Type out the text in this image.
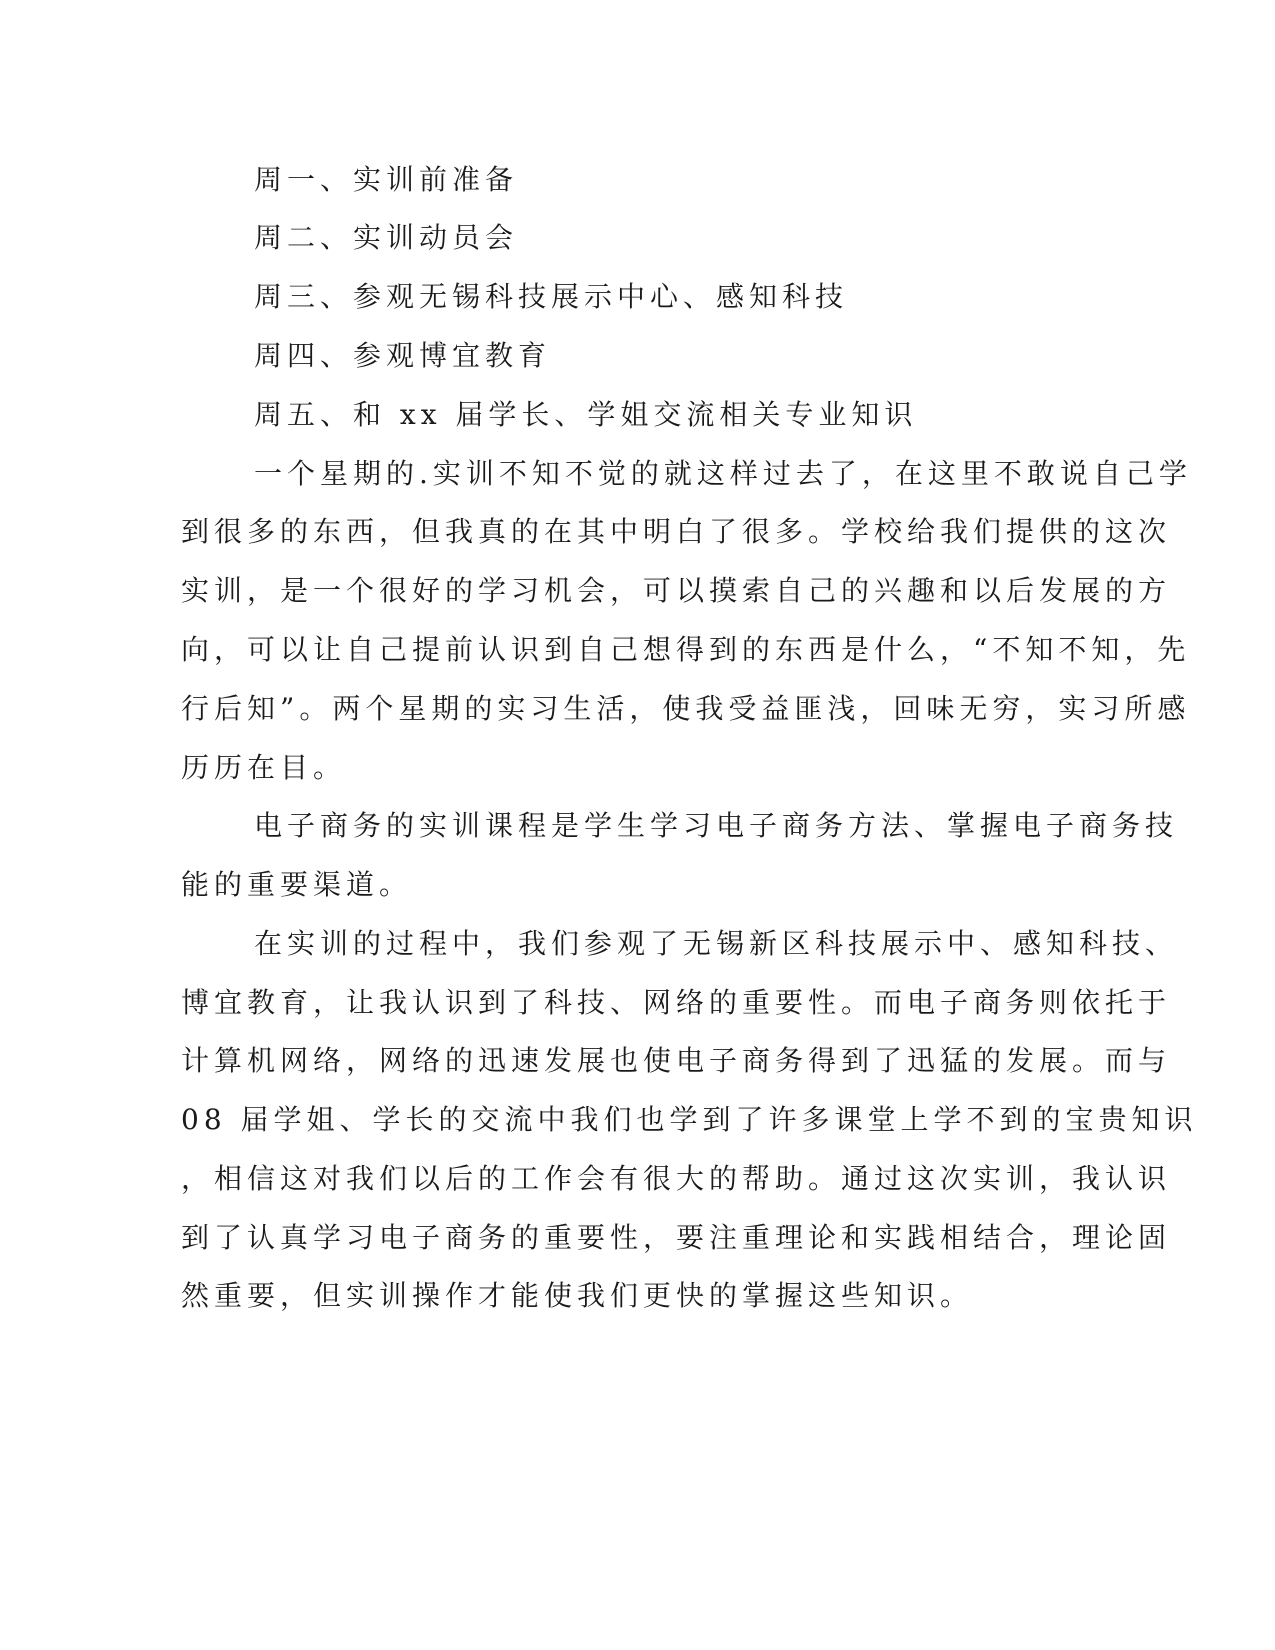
周一、实训前准备
周二、实训动员会
周三、参观无锡科技展示中心、感知科技
周四、参观博宜教育
周五、和 xx 届学长、学姐交流相关专业知识
一个星期的.实训不知不觉的就这样过去了，在这里不敢说自己学
到很多的东西，但我真的在其中明白了很多。学校给我们提供的这次
实训，是一个很好的学习机会，可以摸索自己的兴趣和以后发展的方
向，可以让自己提前认识到自己想得到的东西是什么，“不知不知，先
行后知”。两个星期的实习生活，使我受益匪浅，回味无穷，实习所感
历历在目。
电子商务的实训课程是学生学习电子商务方法、掌握电子商务技
能的重要渠道。
在实训的过程中，我们参观了无锡新区科技展示中、感知科技、
博宜教育，让我认识到了科技、网络的重要性。而电子商务则依托于
计算机网络，网络的迅速发展也使电子商务得到了迅猛的发展。而与
08 届学姐、学长的交流中我们也学到了许多课堂上学不到的宝贵知识
，相信这对我们以后的工作会有很大的帮助。通过这次实训，我认识
到了认真学习电子商务的重要性，要注重理论和实践相结合，理论固
然重要，但实训操作才能使我们更快的掌握这些知识。
